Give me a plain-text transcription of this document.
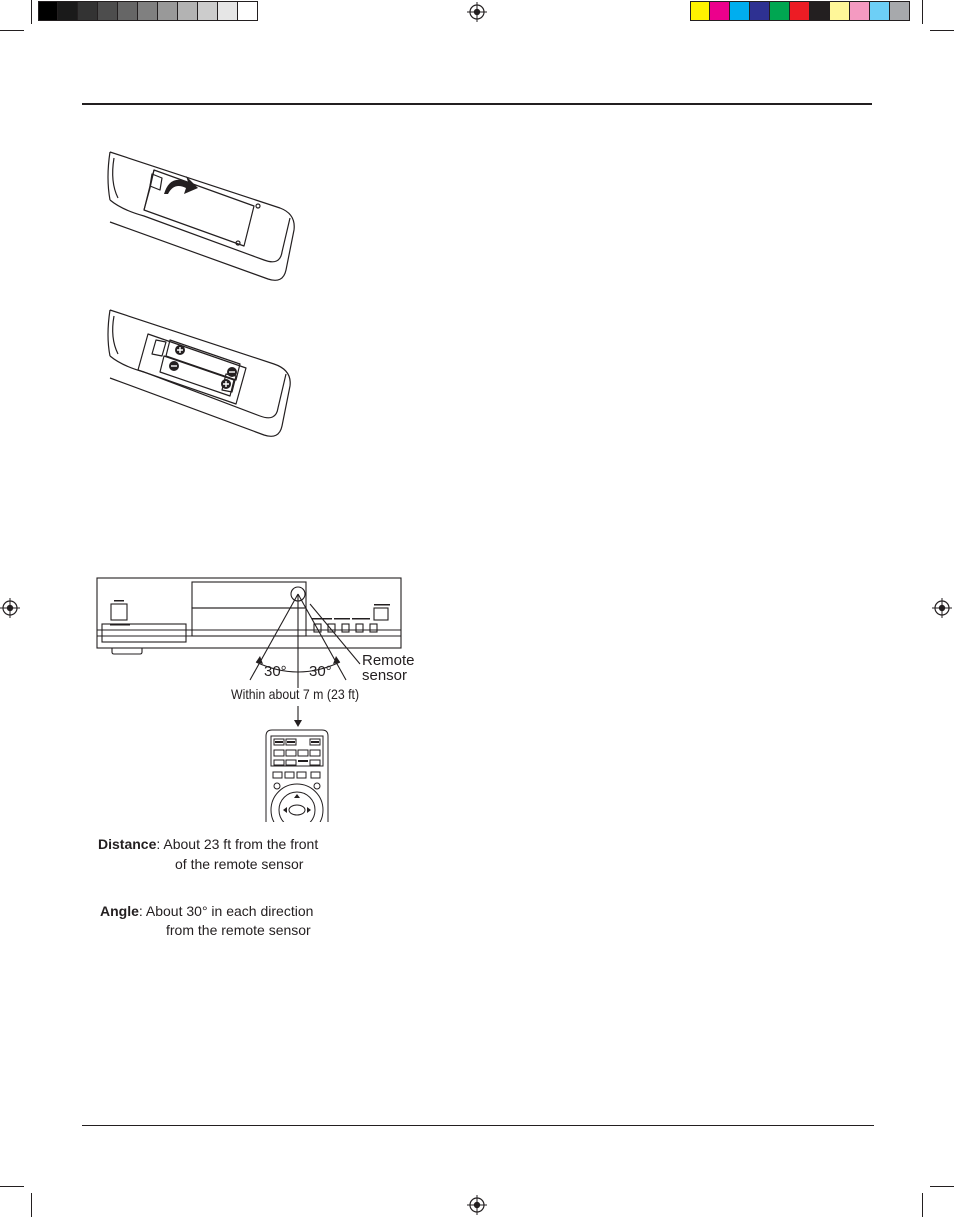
30° 30°
Remote
sensor
Within about 7 m (23 ft)
Distance: About 23 ft from the front
of the remote sensor
Angle: About 30° in each direction
from the remote sensor
